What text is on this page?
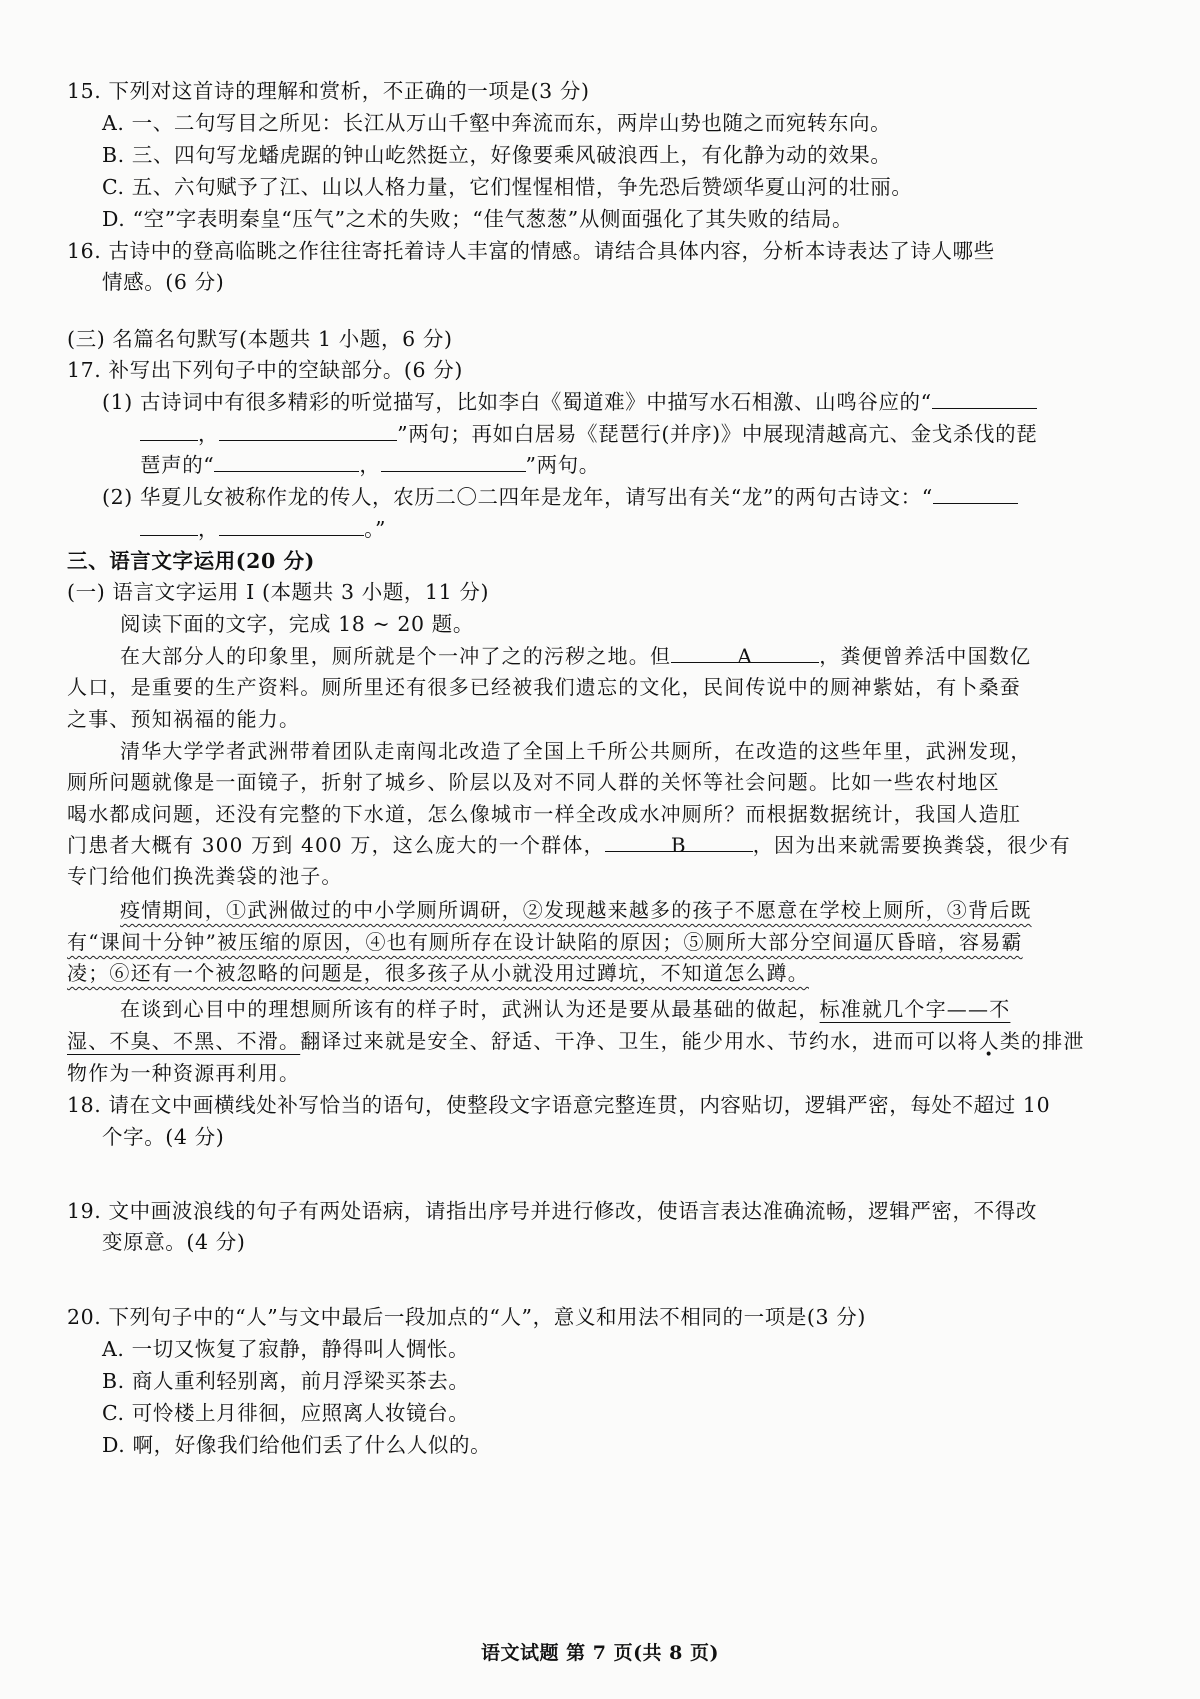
15. 下列对这首诗的理解和赏析，不正确的一项是(3 分)
A. 一、二句写目之所见：长江从万山千壑中奔流而东，两岸山势也随之而宛转东向。
B. 三、四句写龙蟠虎踞的钟山屹然挺立，好像要乘风破浪西上，有化静为动的效果。
C. 五、六句赋予了江、山以人格力量，它们惺惺相惜，争先恐后赞颂华夏山河的壮丽。
D. “空”字表明秦皇“压气”之术的失败；“佳气葱葱”从侧面强化了其失败的结局。
16. 古诗中的登高临眺之作往往寄托着诗人丰富的情感。请结合具体内容，分析本诗表达了诗人哪些
情感。(6 分)
(三) 名篇名句默写(本题共 1 小题，6 分)
17. 补写出下列句子中的空缺部分。(6 分)
(1) 古诗词中有很多精彩的听觉描写，比如李白《蜀道难》中描写水石相激、山鸣谷应的“
，	”两句；再如白居易《琵琶行(并序)》中展现清越高亢、金戈杀伐的琵
琶声的“	，	”两句。
(2) 华夏儿女被称作龙的传人，农历二〇二四年是龙年，请写出有关“龙”的两句古诗文：“
，	。”
三、语言文字运用(20 分)
(一) 语言文字运用 Ⅰ (本题共 3 小题，11 分)
阅读下面的文字，完成 18 ~ 20 题。
在大部分人的印象里，厕所就是个一冲了之的污秽之地。但	A	，粪便曾养活中国数亿
人口，是重要的生产资料。厕所里还有很多已经被我们遗忘的文化，民间传说中的厕神紫姑，有卜桑蚕
之事、预知祸福的能力。
清华大学学者武洲带着团队走南闯北改造了全国上千所公共厕所，在改造的这些年里，武洲发现，
厕所问题就像是一面镜子，折射了城乡、阶层以及对不同人群的关怀等社会问题。比如一些农村地区
喝水都成问题，还没有完整的下水道，怎么像城市一样全改成水冲厕所？而根据数据统计，我国人造肛
门患者大概有 300 万到 400 万，这么庞大的一个群体，	B	，因为出来就需要换粪袋，很少有
专门给他们换洗粪袋的池子。
疫情期间，①武洲做过的中小学厕所调研，②发现越来越多的孩子不愿意在学校上厕所，③背后既
有“课间十分钟”被压缩的原因，④也有厕所存在设计缺陷的原因；⑤厕所大部分空间逼仄昏暗，容易霸
凌；⑥还有一个被忽略的问题是，很多孩子从小就没用过蹲坑，不知道怎么蹲。
在谈到心目中的理想厕所该有的样子时，武洲认为还是要从最基础的做起，标准就几个字——不
湿、不臭、不黑、不滑。翻译过来就是安全、舒适、干净、卫生，能少用水、节约水，进而可以将人类的排泄
物作为一种资源再利用。
18. 请在文中画横线处补写恰当的语句，使整段文字语意完整连贯，内容贴切，逻辑严密，每处不超过 10
个字。(4 分)
19. 文中画波浪线的句子有两处语病，请指出序号并进行修改，使语言表达准确流畅，逻辑严密，不得改
变原意。(4 分)
20. 下列句子中的“人”与文中最后一段加点的“人”，意义和用法不相同的一项是(3 分)
A. 一切又恢复了寂静，静得叫人惆怅。
B. 商人重利轻别离，前月浮梁买茶去。
C. 可怜楼上月徘徊，应照离人妆镜台。
D. 啊，好像我们给他们丢了什么人似的。
语文试题 第 7 页(共 8 页)
